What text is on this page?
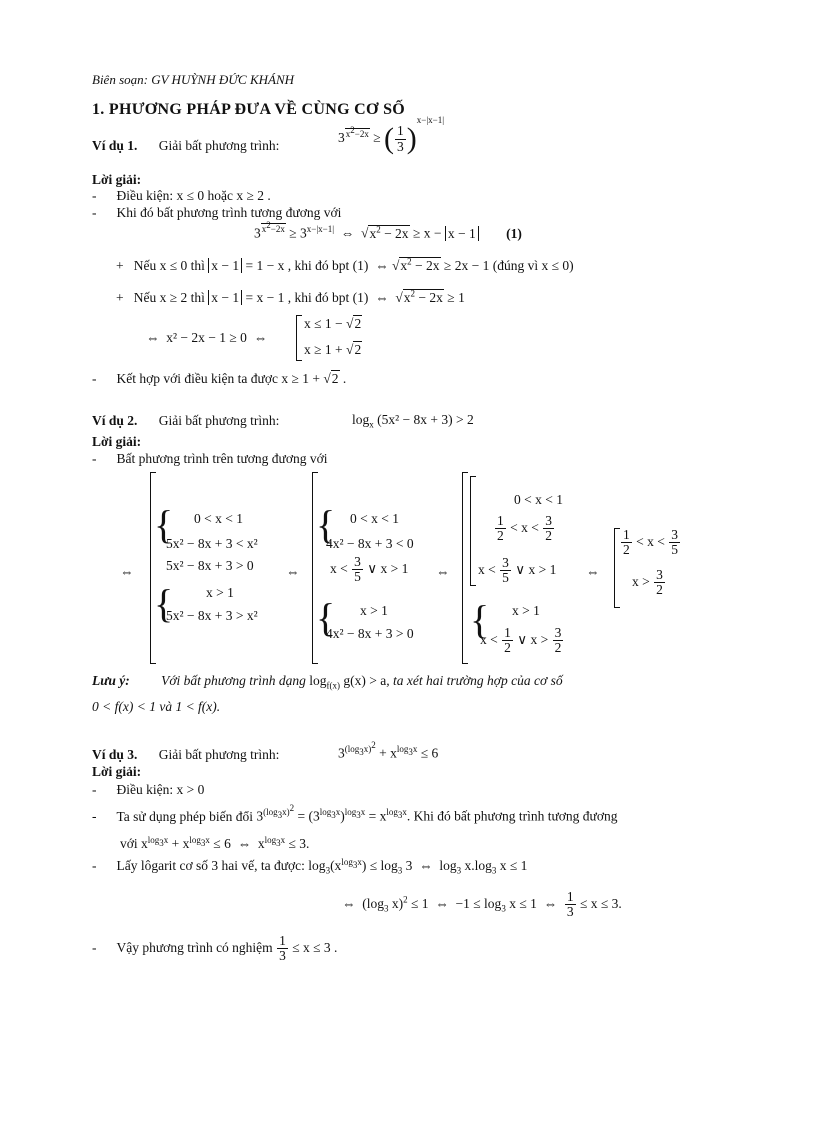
Biên soạn: GV HUỲNH ĐỨC KHÁNH
1. PHƯƠNG PHÁP ĐƯA VỀ CÙNG CƠ SỐ
Ví dụ 1. Giải bất phương trình:
$3^{x^2-2x}$ ≥ ( $\frac{1}{3} )^{x-|x-1|}$
Lời giải:
- Điều kiện: x ≤ 0 hoặc x ≥ 2 .
- Khi đó bất phương trình tương đương với
$3^{x^2-2x} \ge 3^{x-|x-1|}$  ⇔  $√x^2 - 2x \ge x - x - 1$ (1)
+   Nếu x ≤ 0 thì x − 1 = 1 − x , khi đó bpt (1)  ⇔ $√x^2 - 2x \ge 2x - 1$ (đúng vì x ≤ 0)
+   Nếu x ≥ 2 thì x − 1 = x − 1 , khi đó bpt (1)  ⇔  $√x^2 - 2x \ge 1$
⇔  x² − 2x − 1 ≥ 0  ⇔
x ≤ 1 − √2
x ≥ 1 + √2
- Kết hợp với điều kiện ta được x ≥ 1 + √2 .
Ví dụ 2. Giải bất phương trình:	$\log_x (5x^2 - 8x + 3) > 2$
Lời giải:
- Bất phương trình trên tương đương với
⇔
{ 0 < x < 1
5x² − 8x + 3 < x²
5x² − 8x + 3 > 0
{ x > 1
5x² − 8x + 3 > x²
⇔
{ 0 < x < 1
4x² − 8x + 3 < 0
$x < \frac{3}{5}$ ∨ x > 1
{ x > 1
4x² − 8x + 3 > 0
⇔
0 < x < 1
$\frac{1}{2} < x < \frac{3}{2}$
$x < \frac{3}{5}$ ∨ x > 1
{ x > 1
$x < \frac{1}{2}$ ∨ $x > \frac{3}{2}$
⇔
$\frac{1}{2} < x < \frac{3}{5}$
$x > \frac{3}{2}$
Lưu ý: Với bất phương trình dạng $\log_{f(x)} g(x) > a$, ta xét hai trường hợp của cơ số
0 < f(x) < 1 và 1 < f(x).
Ví dụ 3. Giải bất phương trình:	$3^{(log_3x)^2} + x^{log_3x} \le 6$
Lời giải:
- Điều kiện: x > 0
- Ta sử dụng phép biến đổi $3^{(log_3x)^2} = (3^{log_3x})^{log_3x} = x^{log_3x}$. Khi đó bất phương trình tương đương
với $x^{log_3x} + x^{log_3x} \le 6$  ⇔  $x^{log_3x} \le 3$.
- Lấy lôgarit cơ số 3 hai vế, ta được: $\log_3(x^{log_3x}) \le \log_3 3$  ⇔  $\log_3 x.\log_3$ x ≤ 1
⇔  ($\log_3$ x)$^2$ ≤ 1  ⇔  $-1 \le \log_3 x \le 1$  ⇔ $\frac{1}{3} \le x \le 3$.
- Vậy phương trình có nghiệm $\frac{1}{3} \le x \le 3$ .
